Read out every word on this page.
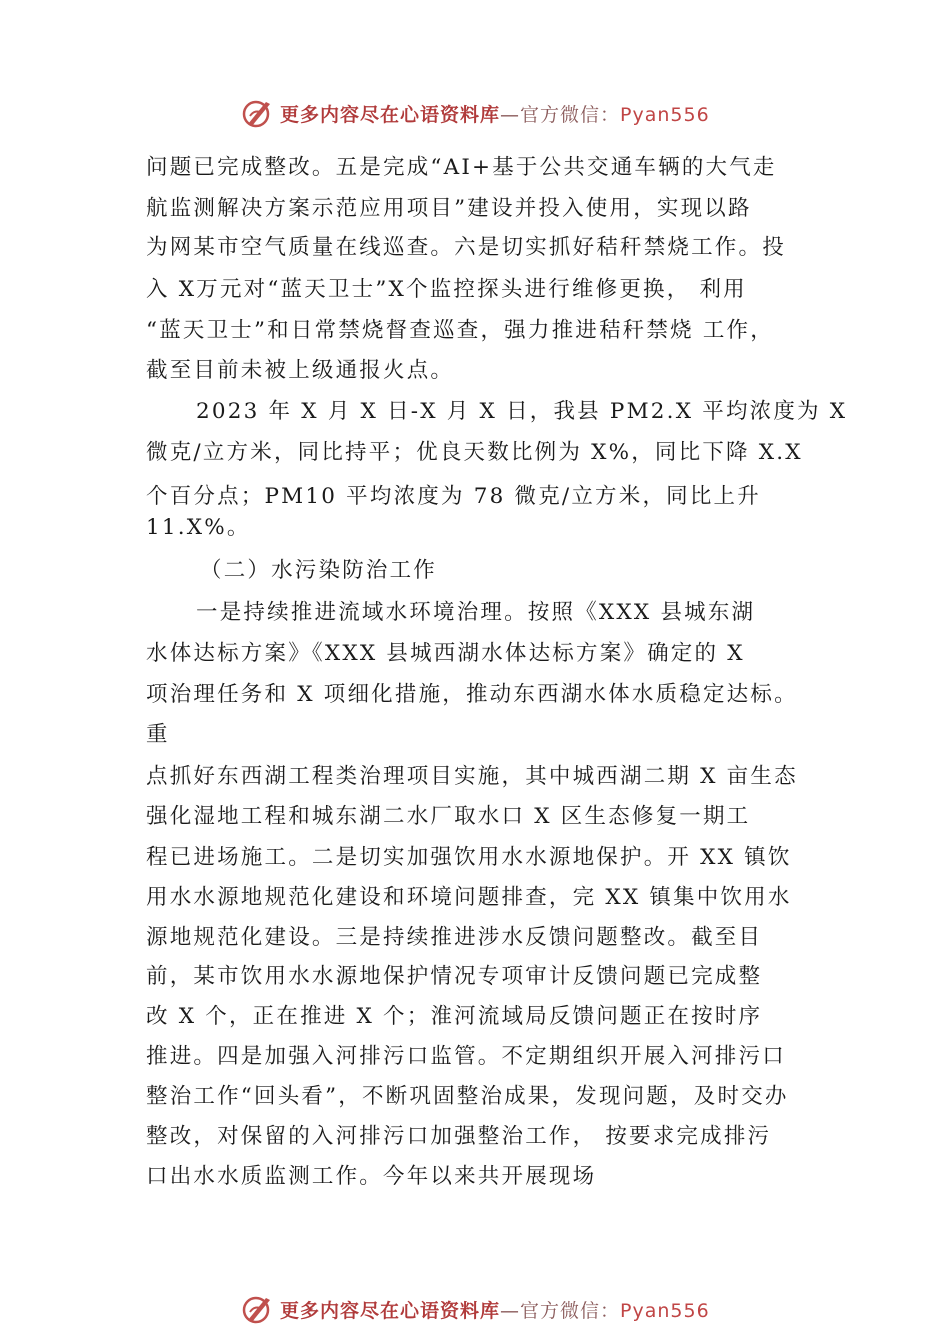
更多内容尽在心语资料库—官方微信：Pyan556
问题已完成整改。五是完成“AI+基于公共交通车辆的大气走
航监测解决方案示范应用项目”建设并投入使用，实现以路
为网某市空气质量在线巡查。六是切实抓好秸秆禁烧工作。投
入 X万元对“蓝天卫士”X个监控探头进行维修更换， 利用
“蓝天卫士”和日常禁烧督查巡查，强力推进秸秆禁烧 工作，
截至目前未被上级通报火点。
2023 年 X 月 X 日-X 月 X 日，我县 PM2.X 平均浓度为 X
微克/立方米，同比持平；优良天数比例为 X%，同比下降 X.X
个百分点；PM10 平均浓度为 78 微克/立方米，同比上升
11.X%。
（二）水污染防治工作
一是持续推进流域水环境治理。按照《XXX 县城东湖
水体达标方案》《XXX 县城西湖水体达标方案》确定的 X
项治理任务和 X 项细化措施，推动东西湖水体水质稳定达标。
重
点抓好东西湖工程类治理项目实施，其中城西湖二期 X 亩生态
强化湿地工程和城东湖二水厂取水口 X 区生态修复一期工
程已进场施工。二是切实加强饮用水水源地保护。开 XX 镇饮
用水水源地规范化建设和环境问题排查，完 XX 镇集中饮用水
源地规范化建设。三是持续推进涉水反馈问题整改。截至目
前，某市饮用水水源地保护情况专项审计反馈问题已完成整
改 X 个，正在推进 X 个；淮河流域局反馈问题正在按时序
推进。四是加强入河排污口监管。不定期组织开展入河排污口
整治工作“回头看”，不断巩固整治成果，发现问题，及时交办
整改，对保留的入河排污口加强整治工作， 按要求完成排污
口出水水质监测工作。今年以来共开展现场
更多内容尽在心语资料库—官方微信：Pyan556
